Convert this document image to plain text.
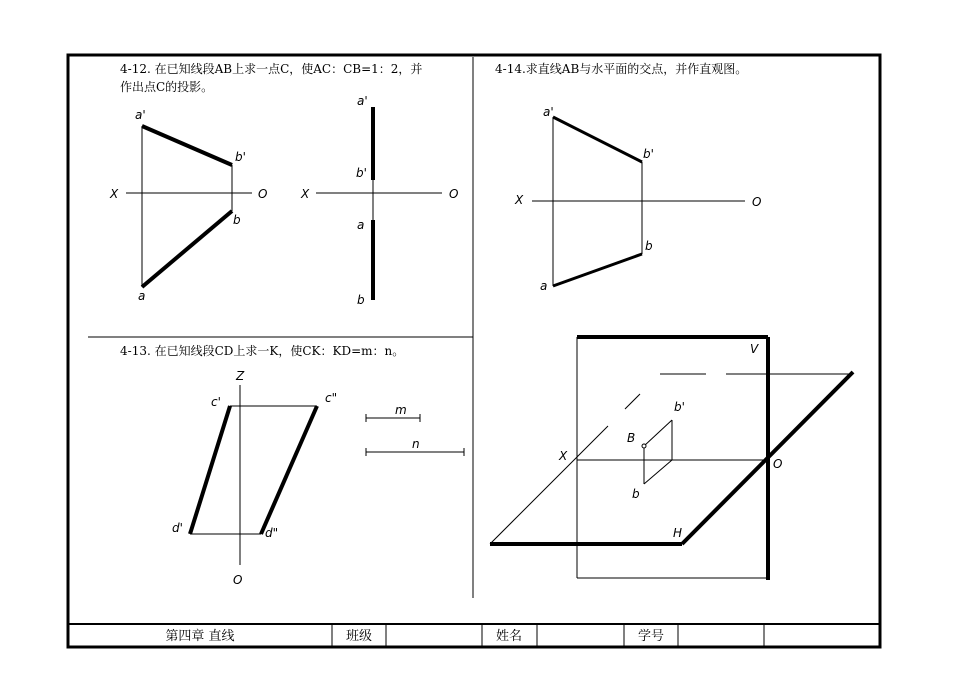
4-12. 在已知线段AB上求一点C，使AC：CB=1：2，并
作出点C的投影。
a'
b'
X	O
b
a
a'
b'
X	O
a
b
4-13. 在已知线段CD上求一K，使CK：KD=m：n。
Z
c'	c"
d'	d"
O
m
n
4-14.求直线AB与水平面的交点，并作直观图。
a'
b'
X	O
b
a
V
H
X
O
B
b'
b
第四章 直线	班级	姓名	学号
